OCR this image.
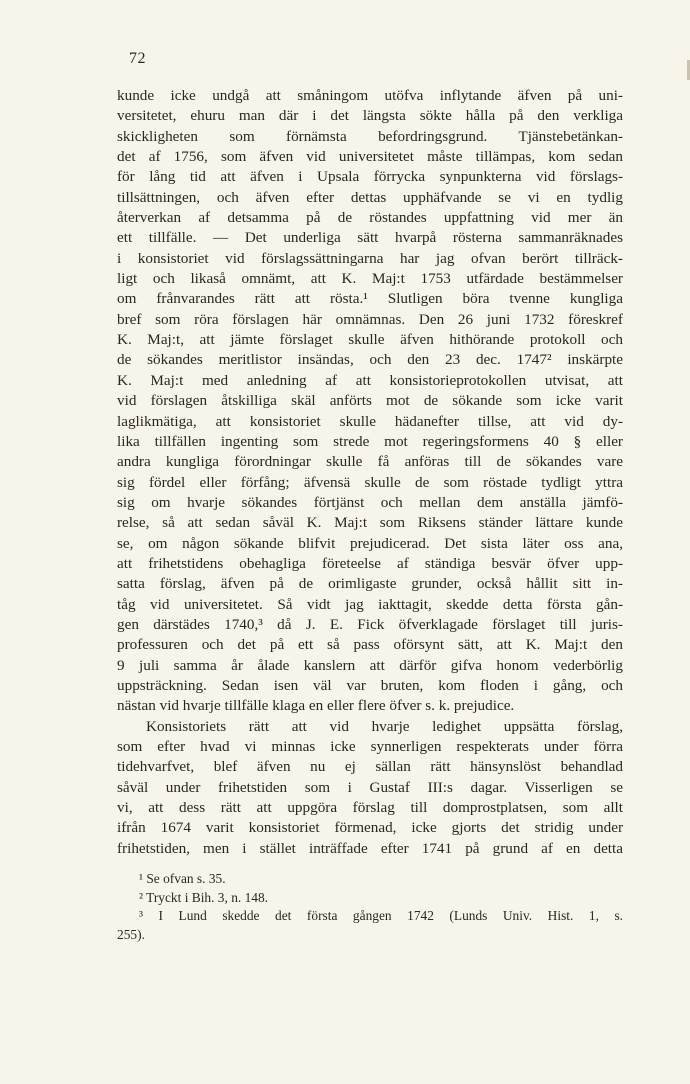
72
kunde icke undgå att småningom utöfva inflytande äfven på uni-
versitetet, ehuru man där i det längsta sökte hålla på den verkliga
skickligheten som förnämsta befordringsgrund. Tjänstebetänkan-
det af 1756, som äfven vid universitetet måste tillämpas, kom sedan
för lång tid att äfven i Upsala förrycka synpunkterna vid förslags-
tillsättningen, och äfven efter dettas upphäfvande se vi en tydlig
återverkan af detsamma på de röstandes uppfattning vid mer än
ett tillfälle. — Det underliga sätt hvarpå rösterna sammanräknades
i konsistoriet vid förslagssättningarna har jag ofvan berört tillräck-
ligt och likaså omnämt, att K. Maj:t 1753 utfärdade bestämmelser
om frånvarandes rätt att rösta.¹ Slutligen böra tvenne kungliga
bref som röra förslagen här omnämnas. Den 26 juni 1732 föreskref
K. Maj:t, att jämte förslaget skulle äfven hithörande protokoll och
de sökandes meritlistor insändas, och den 23 dec. 1747² inskärpte
K. Maj:t med anledning af att konsistorieprotokollen utvisat, att
vid förslagen åtskilliga skäl anförts mot de sökande som icke varit
laglikmätiga, att konsistoriet skulle hädanefter tillse, att vid dy-
lika tillfällen ingenting som strede mot regeringsformens 40 § eller
andra kungliga förordningar skulle få anföras till de sökandes vare
sig fördel eller förfång; äfvensä skulle de som röstade tydligt yttra
sig om hvarje sökandes förtjänst och mellan dem anställa jämfö-
relse, så att sedan såväl K. Maj:t som Riksens ständer lättare kunde
se, om någon sökande blifvit prejudicerad. Det sista läter oss ana,
att frihetstidens obehagliga företeelse af ständiga besvär öfver upp-
satta förslag, äfven på de orimligaste grunder, också hållit sitt in-
tåg vid universitetet. Så vidt jag iakttagit, skedde detta första gån-
gen därstädes 1740,³ då J. E. Fick öfverklagade förslaget till juris-
professuren och det på ett så pass oförsynt sätt, att K. Maj:t den
9 juli samma år ålade kanslern att därför gifva honom vederbörlig
uppsträckning. Sedan isen väl var bruten, kom floden i gång, och
nästan vid hvarje tillfälle klaga en eller flere öfver s. k. prejudice.
Konsistoriets rätt att vid hvarje ledighet uppsätta förslag,
som efter hvad vi minnas icke synnerligen respekterats under förra
tidehvarfvet, blef äfven nu ej sällan rätt hänsynslöst behandlad
såväl under frihetstiden som i Gustaf III:s dagar. Visserligen se
vi, att dess rätt att uppgöra förslag till domprostplatsen, som allt
ifrån 1674 varit konsistoriet förmenad, icke gjorts det stridig under
frihetstiden, men i stället inträffade efter 1741 på grund af en detta
¹ Se ofvan s. 35.
² Tryckt i Bih. 3, n. 148.
³ I Lund skedde det första gången 1742 (Lunds Univ. Hist. 1, s.
255).
